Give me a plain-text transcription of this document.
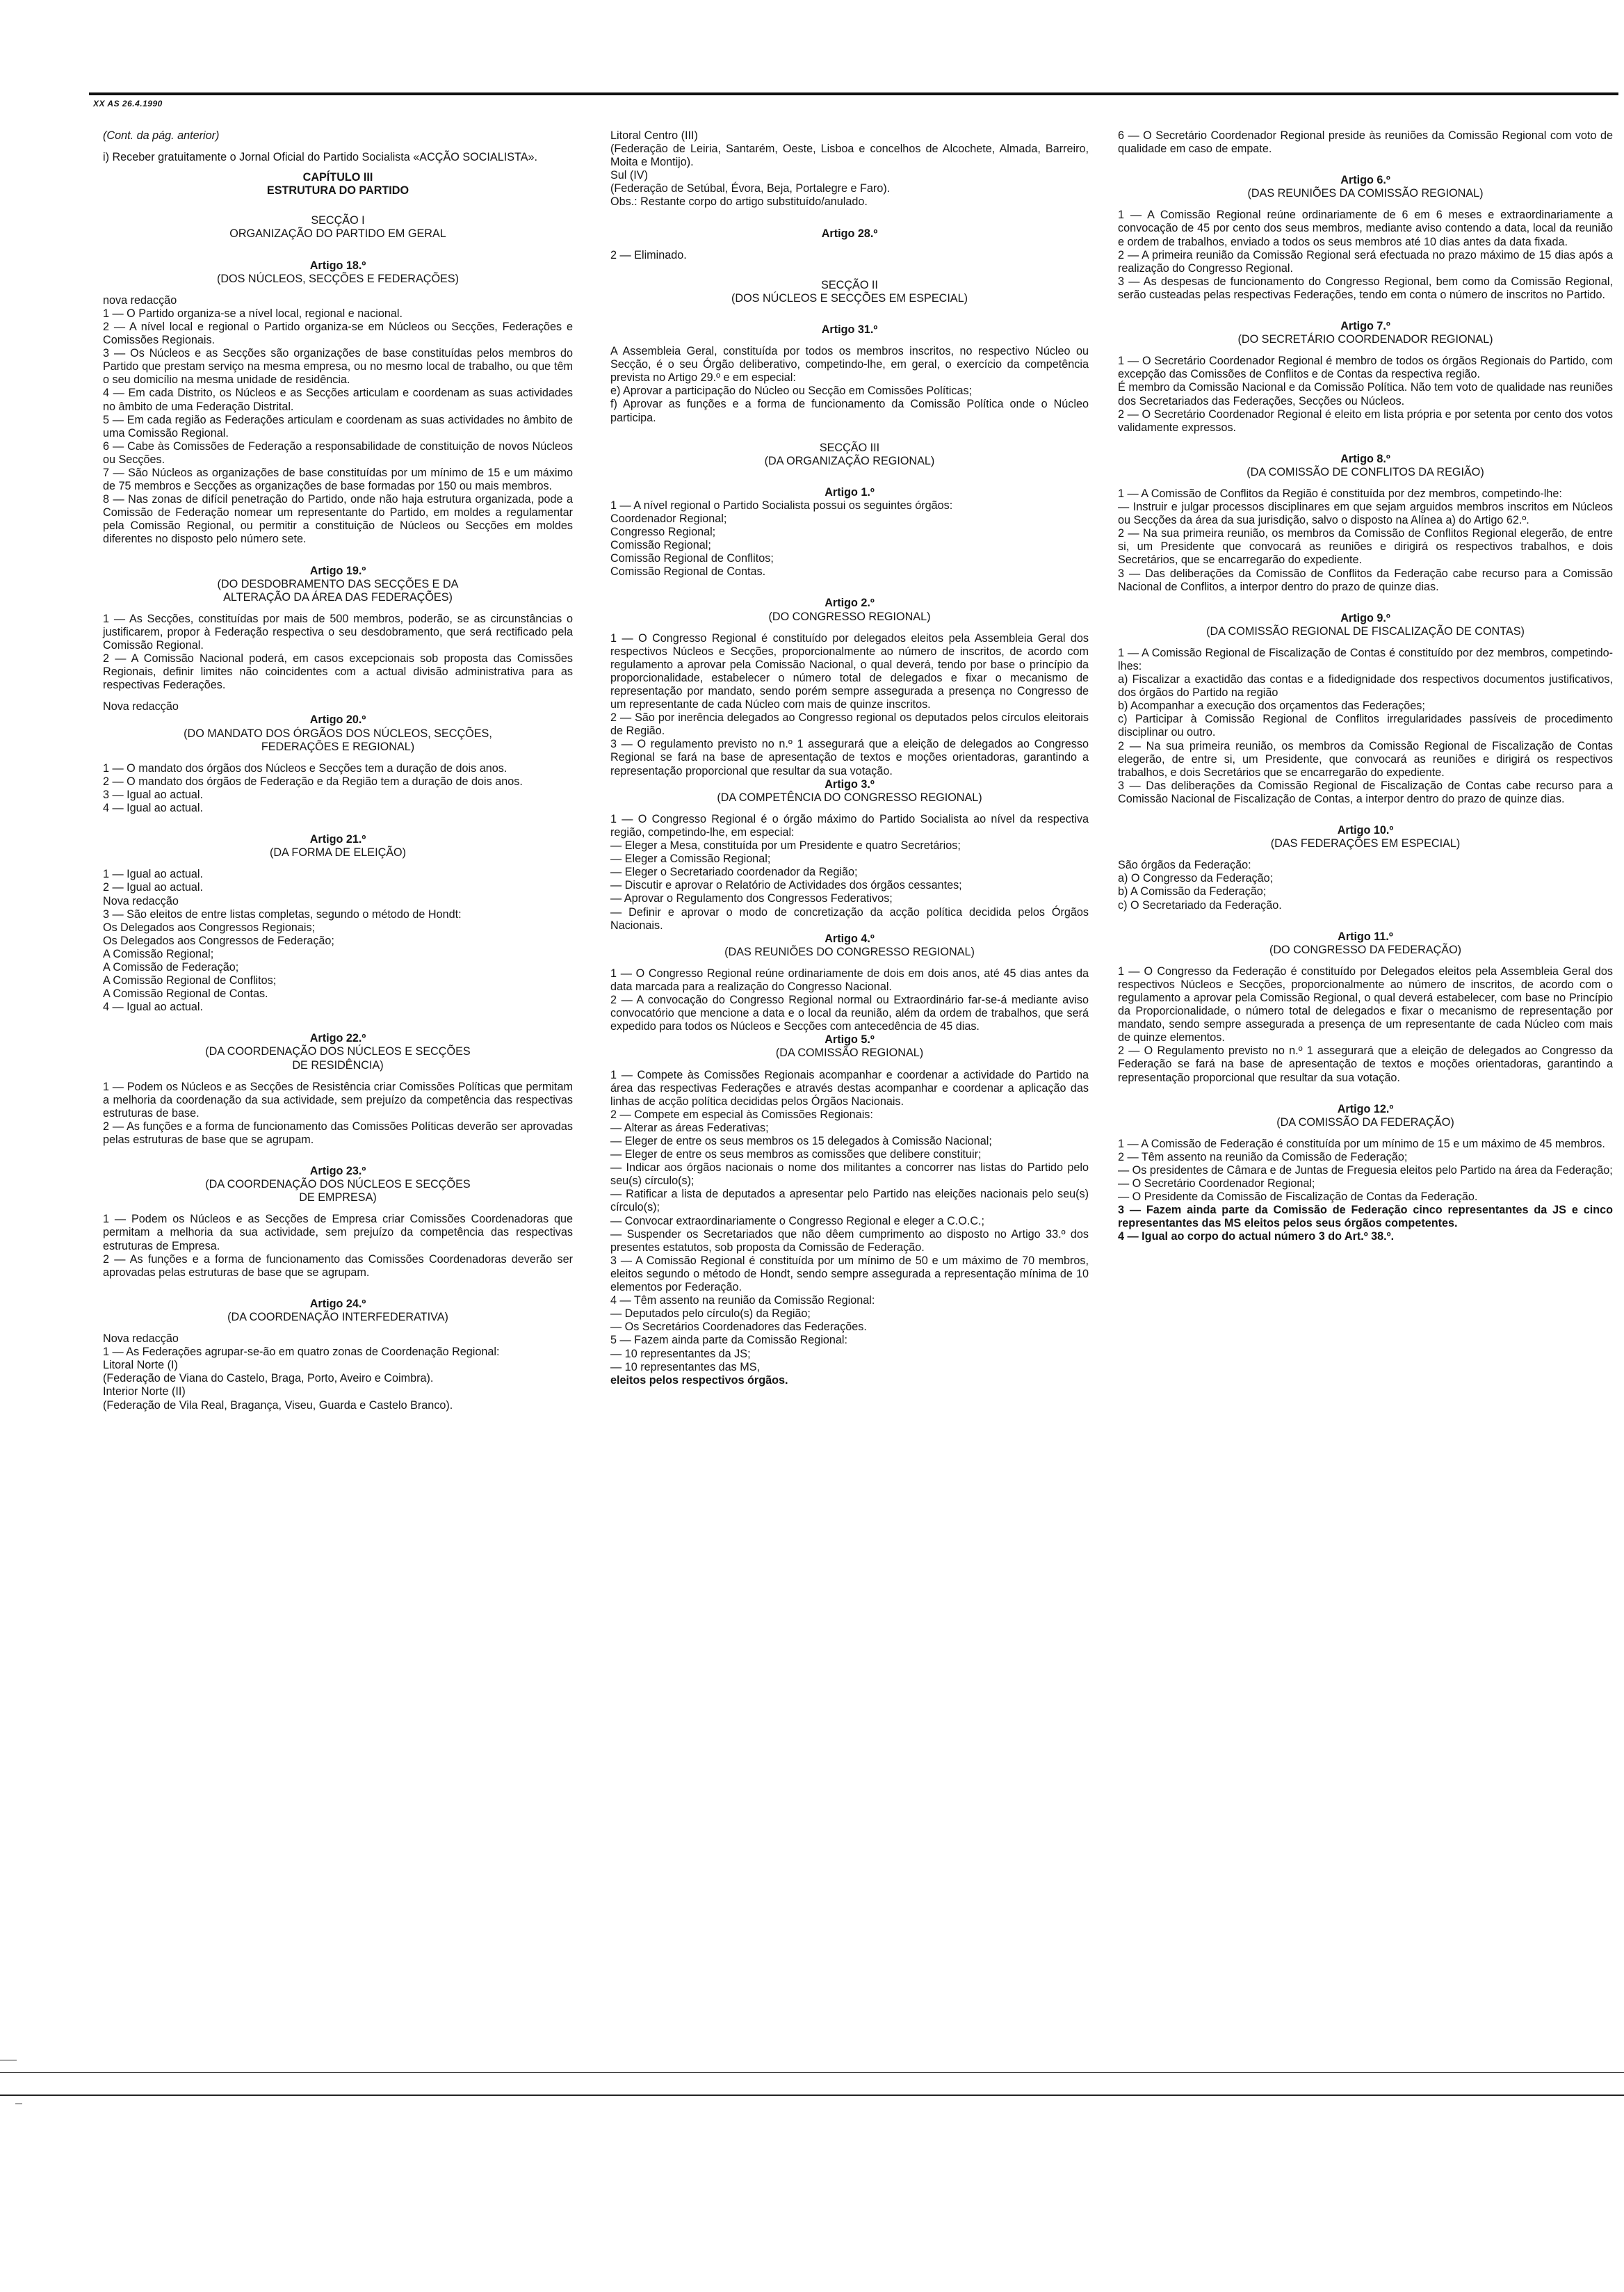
XX AS 26.4.1990
(Cont. da pág. anterior)
i) Receber gratuitamente o Jornal Oficial do Partido Socialista «ACÇÃO SOCIALISTA».
CAPÍTULO III
ESTRUTURA DO PARTIDO
SECÇÃO I
ORGANIZAÇÃO DO PARTIDO EM GERAL
Artigo 18.º
(DOS NÚCLEOS, SECÇÕES E FEDERAÇÕES)
nova redacção
1 — O Partido organiza-se a nível local, regional e nacional.
2 — A nível local e regional o Partido organiza-se em Núcleos ou Secções, Federações e Comissões Regionais.
3 — Os Núcleos e as Secções são organizações de base constituídas pelos membros do Partido que prestam serviço na mesma empresa, ou no mesmo local de trabalho, ou que têm o seu domicílio na mesma unidade de residência.
4 — Em cada Distrito, os Núcleos e as Secções articulam e coordenam as suas actividades no âmbito de uma Federação Distrital.
5 — Em cada região as Federações articulam e coordenam as suas actividades no âmbito de uma Comissão Regional.
6 — Cabe às Comissões de Federação a responsabilidade de constituição de novos Núcleos ou Secções.
7 — São Núcleos as organizações de base constituídas por um mínimo de 15 e um máximo de 75 membros e Secções as organizações de base formadas por 150 ou mais membros.
8 — Nas zonas de difícil penetração do Partido, onde não haja estrutura organizada, pode a Comissão de Federação nomear um representante do Partido, em moldes a regulamentar pela Comissão Regional, ou permitir a constituição de Núcleos ou Secções em moldes diferentes no disposto pelo número sete.
Artigo 19.º
(DO DESDOBRAMENTO DAS SECÇÕES E DA
ALTERAÇÃO DA ÁREA DAS FEDERAÇÕES)
1 — As Secções, constituídas por mais de 500 membros, poderão, se as circunstâncias o justificarem, propor à Federação respectiva o seu desdobramento, que será rectificado pela Comissão Regional.
2 — A Comissão Nacional poderá, em casos excepcionais sob proposta das Comissões Regionais, definir limites não coincidentes com a actual divisão administrativa para as respectivas Federações.
Nova redacção
Artigo 20.º
(DO MANDATO DOS ÓRGÃOS DOS NÚCLEOS, SECÇÕES,
FEDERAÇÕES E REGIONAL)
1 — O mandato dos órgãos dos Núcleos e Secções tem a duração de dois anos.
2 — O mandato dos órgãos de Federação e da Região tem a duração de dois anos.
3 — Igual ao actual.
4 — Igual ao actual.
Artigo 21.º
(DA FORMA DE ELEIÇÃO)
1 — Igual ao actual.
2 — Igual ao actual.
Nova redacção
3 — São eleitos de entre listas completas, segundo o método de Hondt:
Os Delegados aos Congressos Regionais;
Os Delegados aos Congressos de Federação;
A Comissão Regional;
A Comissão de Federação;
A Comissão Regional de Conflitos;
A Comissão Regional de Contas.
4 — Igual ao actual.
Artigo 22.º
(DA COORDENAÇÃO DOS NÚCLEOS E SECÇÕES
DE RESIDÊNCIA)
1 — Podem os Núcleos e as Secções de Resistência criar Comissões Políticas que permitam a melhoria da coordenação da sua actividade, sem prejuízo da competência das respectivas estruturas de base.
2 — As funções e a forma de funcionamento das Comissões Políticas deverão ser aprovadas pelas estruturas de base que se agrupam.
Artigo 23.º
(DA COORDENAÇÃO DOS NÚCLEOS E SECÇÕES
DE EMPRESA)
1 — Podem os Núcleos e as Secções de Empresa criar Comissões Coordenadoras que permitam a melhoria da sua actividade, sem prejuízo da competência das respectivas estruturas de Empresa.
2 — As funções e a forma de funcionamento das Comissões Coordenadoras deverão ser aprovadas pelas estruturas de base que se agrupam.
Artigo 24.º
(DA COORDENAÇÃO INTERFEDERATIVA)
Nova redacção
1 — As Federações agrupar-se-ão em quatro zonas de Coordenação Regional:
Litoral Norte (I)
(Federação de Viana do Castelo, Braga, Porto, Aveiro e Coimbra).
Interior Norte (II)
(Federação de Vila Real, Bragança, Viseu, Guarda e Castelo Branco).
Litoral Centro (III)
(Federação de Leiria, Santarém, Oeste, Lisboa e concelhos de Alcochete, Almada, Barreiro, Moita e Montijo).
Sul (IV)
(Federação de Setúbal, Évora, Beja, Portalegre e Faro).
Obs.: Restante corpo do artigo substituído/anulado.
Artigo 28.º
2 — Eliminado.
SECÇÃO II
(DOS NÚCLEOS E SECÇÕES EM ESPECIAL)
Artigo 31.º
A Assembleia Geral, constituída por todos os membros inscritos, no respectivo Núcleo ou Secção, é o seu Órgão deliberativo, competindo-lhe, em geral, o exercício da competência prevista no Artigo 29.º e em especial:
e) Aprovar a participação do Núcleo ou Secção em Comissões Políticas;
f) Aprovar as funções e a forma de funcionamento da Comissão Política onde o Núcleo participa.
SECÇÃO III
(DA ORGANIZAÇÃO REGIONAL)
Artigo 1.º
1 — A nível regional o Partido Socialista possui os seguintes órgãos:
Coordenador Regional;
Congresso Regional;
Comissão Regional;
Comissão Regional de Conflitos;
Comissão Regional de Contas.
Artigo 2.º
(DO CONGRESSO REGIONAL)
1 — O Congresso Regional é constituído por delegados eleitos pela Assembleia Geral dos respectivos Núcleos e Secções, proporcionalmente ao número de inscritos, de acordo com regulamento a aprovar pela Comissão Nacional, o qual deverá, tendo por base o princípio da proporcionalidade, estabelecer o número total de delegados e fixar o mecanismo de representação por mandato, sendo porém sempre assegurada a presença no Congresso de um representante de cada Núcleo com mais de quinze inscritos.
2 — São por inerência delegados ao Congresso regional os deputados pelos círculos eleitorais de Região.
3 — O regulamento previsto no n.º 1 assegurará que a eleição de delegados ao Congresso Regional se fará na base de apresentação de textos e moções orientadoras, garantindo a representação proporcional que resultar da sua votação.
Artigo 3.º
(DA COMPETÊNCIA DO CONGRESSO REGIONAL)
1 — O Congresso Regional é o órgão máximo do Partido Socialista ao nível da respectiva região, competindo-lhe, em especial:
— Eleger a Mesa, constituída por um Presidente e quatro Secretários;
— Eleger a Comissão Regional;
— Eleger o Secretariado coordenador da Região;
— Discutir e aprovar o Relatório de Actividades dos órgãos cessantes;
— Aprovar o Regulamento dos Congressos Federativos;
— Definir e aprovar o modo de concretização da acção política decidida pelos Órgãos Nacionais.
Artigo 4.º
(DAS REUNIÕES DO CONGRESSO REGIONAL)
1 — O Congresso Regional reúne ordinariamente de dois em dois anos, até 45 dias antes da data marcada para a realização do Congresso Nacional.
2 — A convocação do Congresso Regional normal ou Extraordinário far-se-á mediante aviso convocatório que mencione a data e o local da reunião, além da ordem de trabalhos, que será expedido para todos os Núcleos e Secções com antecedência de 45 dias.
Artigo 5.º
(DA COMISSÃO REGIONAL)
1 — Compete às Comissões Regionais acompanhar e coordenar a actividade do Partido na área das respectivas Federações e através destas acompanhar e coordenar a aplicação das linhas de acção política decididas pelos Órgãos Nacionais.
2 — Compete em especial às Comissões Regionais:
— Alterar as áreas Federativas;
— Eleger de entre os seus membros os 15 delegados à Comissão Nacional;
— Eleger de entre os seus membros as comissões que delibere constituir;
— Indicar aos órgãos nacionais o nome dos militantes a concorrer nas listas do Partido pelo seu(s) círculo(s);
— Ratificar a lista de deputados a apresentar pelo Partido nas eleições nacionais pelo seu(s) círculo(s);
— Convocar extraordinariamente o Congresso Regional e eleger a C.O.C.;
— Suspender os Secretariados que não dêem cumprimento ao disposto no Artigo 33.º dos presentes estatutos, sob proposta da Comissão de Federação.
3 — A Comissão Regional é constituída por um mínimo de 50 e um máximo de 70 membros, eleitos segundo o método de Hondt, sendo sempre assegurada a representação mínima de 10 elementos por Federação.
4 — Têm assento na reunião da Comissão Regional:
— Deputados pelo círculo(s) da Região;
— Os Secretários Coordenadores das Federações.
5 — Fazem ainda parte da Comissão Regional:
— 10 representantes da JS;
— 10 representantes das MS,
eleitos pelos respectivos órgãos.
6 — O Secretário Coordenador Regional preside às reuniões da Comissão Regional com voto de qualidade em caso de empate.
Artigo 6.º
(DAS REUNIÕES DA COMISSÃO REGIONAL)
1 — A Comissão Regional reúne ordinariamente de 6 em 6 meses e extraordinariamente a convocação de 45 por cento dos seus membros, mediante aviso contendo a data, local da reunião e ordem de trabalhos, enviado a todos os seus membros até 10 dias antes da data fixada.
2 — A primeira reunião da Comissão Regional será efectuada no prazo máximo de 15 dias após a realização do Congresso Regional.
3 — As despesas de funcionamento do Congresso Regional, bem como da Comissão Regional, serão custeadas pelas respectivas Federações, tendo em conta o número de inscritos no Partido.
Artigo 7.º
(DO SECRETÁRIO COORDENADOR REGIONAL)
1 — O Secretário Coordenador Regional é membro de todos os órgãos Regionais do Partido, com excepção das Comissões de Conflitos e de Contas da respectiva região.
É membro da Comissão Nacional e da Comissão Política. Não tem voto de qualidade nas reuniões dos Secretariados das Federações, Secções ou Núcleos.
2 — O Secretário Coordenador Regional é eleito em lista própria e por setenta por cento dos votos validamente expressos.
Artigo 8.º
(DA COMISSÃO DE CONFLITOS DA REGIÃO)
1 — A Comissão de Conflitos da Região é constituída por dez membros, competindo-lhe:
— Instruir e julgar processos disciplinares em que sejam arguidos membros inscritos em Núcleos ou Secções da área da sua jurisdição, salvo o disposto na Alínea a) do Artigo 62.º.
2 — Na sua primeira reunião, os membros da Comissão de Conflitos Regional elegerão, de entre si, um Presidente que convocará as reuniões e dirigirá os respectivos trabalhos, e dois Secretários, que se encarregarão do expediente.
3 — Das deliberações da Comissão de Conflitos da Federação cabe recurso para a Comissão Nacional de Conflitos, a interpor dentro do prazo de quinze dias.
Artigo 9.º
(DA COMISSÃO REGIONAL DE FISCALIZAÇÃO DE CONTAS)
1 — A Comissão Regional de Fiscalização de Contas é constituído por dez membros, competindo-lhes:
a) Fiscalizar a exactidão das contas e a fidedignidade dos respectivos documentos justificativos, dos órgãos do Partido na região
b) Acompanhar a execução dos orçamentos das Federações;
c) Participar à Comissão Regional de Conflitos irregularidades passíveis de procedimento disciplinar ou outro.
2 — Na sua primeira reunião, os membros da Comissão Regional de Fiscalização de Contas elegerão, de entre si, um Presidente, que convocará as reuniões e dirigirá os respectivos trabalhos, e dois Secretários que se encarregarão do expediente.
3 — Das deliberações da Comissão Regional de Fiscalização de Contas cabe recurso para a Comissão Nacional de Fiscalização de Contas, a interpor dentro do prazo de quinze dias.
Artigo 10.º
(DAS FEDERAÇÕES EM ESPECIAL)
São órgãos da Federação:
a) O Congresso da Federação;
b) A Comissão da Federação;
c) O Secretariado da Federação.
Artigo 11.º
(DO CONGRESSO DA FEDERAÇÃO)
1 — O Congresso da Federação é constituído por Delegados eleitos pela Assembleia Geral dos respectivos Núcleos e Secções, proporcionalmente ao número de inscritos, de acordo com o regulamento a aprovar pela Comissão Regional, o qual deverá estabelecer, com base no Princípio da Proporcionalidade, o número total de delegados e fixar o mecanismo de representação por mandato, sendo sempre assegurada a presença de um representante de cada Núcleo com mais de quinze elementos.
2 — O Regulamento previsto no n.º 1 assegurará que a eleição de delegados ao Congresso da Federação se fará na base de apresentação de textos e moções orientadoras, garantindo a representação proporcional que resultar da sua votação.
Artigo 12.º
(DA COMISSÃO DA FEDERAÇÃO)
1 — A Comissão de Federação é constituída por um mínimo de 15 e um máximo de 45 membros.
2 — Têm assento na reunião da Comissão de Federação;
— Os presidentes de Câmara e de Juntas de Freguesia eleitos pelo Partido na área da Federação;
— O Secretário Coordenador Regional;
— O Presidente da Comissão de Fiscalização de Contas da Federação.
3 — Fazem ainda parte da Comissão de Federação cinco representantes da JS e cinco representantes das MS eleitos pelos seus órgãos competentes.
4 — Igual ao corpo do actual número 3 do Art.º 38.º.
